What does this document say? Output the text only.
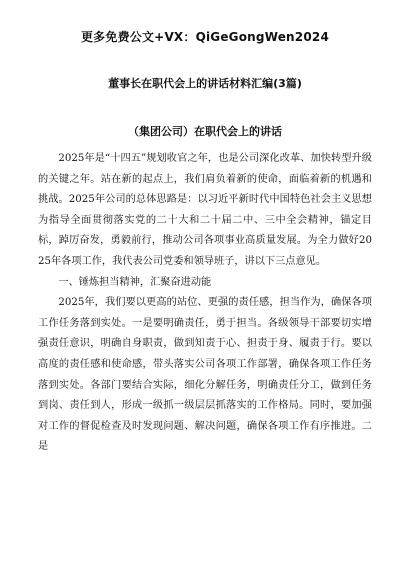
更多免费公文+VX：QiGeGongWen2024
董事长在职代会上的讲话材料汇编(3篇)
（集团公司）在职代会上的讲话

2025年是“十四五”规划收官之年，也是公司深化改革、加快转型升级的关键之年。站在新的起点上，我们肩负着新的使命，面临着新的机遇和挑战。2025年公司的总体思路是：以习近平新时代中国特色社会主义思想为指导全面贯彻落实党的二十大和二十届二中、三中全会精神，锚定目标，踔厉奋发，勇毅前行，推动公司各项事业高质量发展。为全力做好2025年各项工作，我代表公司党委和领导班子，讲以下三点意见。

一、锤炼担当精神，汇聚奋进动能

2025年，我们要以更高的站位、更强的责任感，担当作为，确保各项工作任务落到实处。一是要明确责任，勇于担当。各级领导干部要切实增强责任意识，明确自身职责，做到知责于心、担责于身、履责于行。要以高度的责任感和使命感，带头落实公司各项工作部署，确保各项工作任务落到实处。各部门要结合实际，细化分解任务，明确责任分工，做到任务到岗、责任到人，形成一级抓一级层层抓落实的工作格局。同时，要加强对工作的督促检查及时发现问题、解决问题，确保各项工作有序推进。二是
